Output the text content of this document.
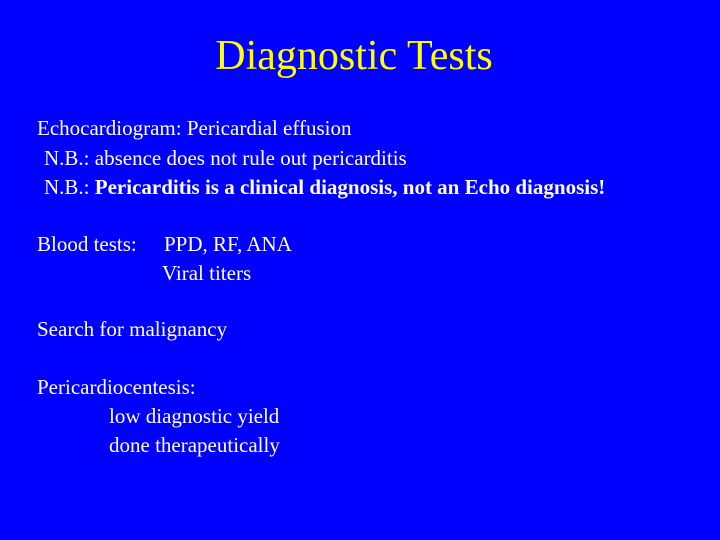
Diagnostic Tests
Echocardiogram: Pericardial effusion
N.B.: absence does not rule out pericarditis
N.B.: Pericarditis is a clinical diagnosis, not an Echo diagnosis!
Blood tests: PPD, RF, ANA
Viral titers
Search for malignancy
Pericardiocentesis:
low diagnostic yield
done therapeutically
